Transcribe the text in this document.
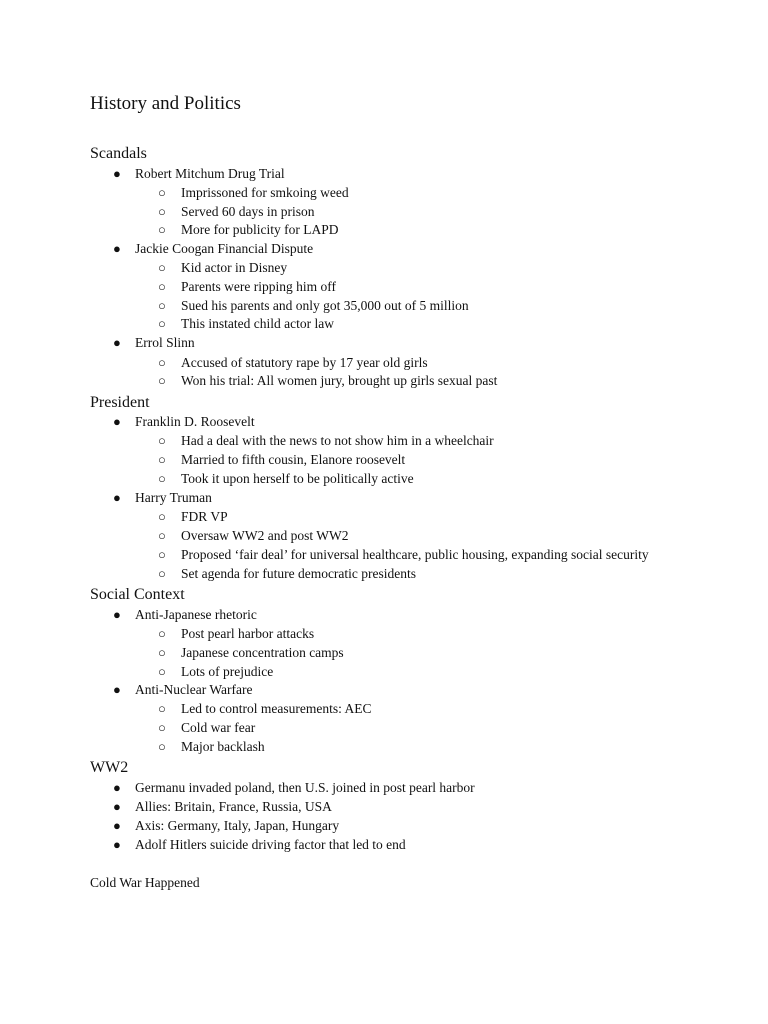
History and Politics
Scandals
● Robert Mitchum Drug Trial
○ Imprissoned for smkoing weed
○ Served 60 days in prison
○ More for publicity for LAPD
● Jackie Coogan Financial Dispute
○ Kid actor in Disney
○ Parents were ripping him off
○ Sued his parents and only got 35,000 out of 5 million
○ This instated child actor law
● Errol Slinn
○ Accused of statutory rape by 17 year old girls
○ Won his trial: All women jury, brought up girls sexual past
President
● Franklin D. Roosevelt
○ Had a deal with the news to not show him in a wheelchair
○ Married to fifth cousin, Elanore roosevelt
○ Took it upon herself to be politically active
● Harry Truman
○ FDR VP
○ Oversaw WW2 and post WW2
○ Proposed ‘fair deal’ for universal healthcare, public housing, expanding social security
○ Set agenda for future democratic presidents
Social Context
● Anti-Japanese rhetoric
○ Post pearl harbor attacks
○ Japanese concentration camps
○ Lots of prejudice
● Anti-Nuclear Warfare
○ Led to control measurements: AEC
○ Cold war fear
○ Major backlash
WW2
● Germanu invaded poland, then U.S. joined in post pearl harbor
● Allies: Britain, France, Russia, USA
● Axis: Germany, Italy, Japan, Hungary
● Adolf Hitlers suicide driving factor that led to end

Cold War Happened
